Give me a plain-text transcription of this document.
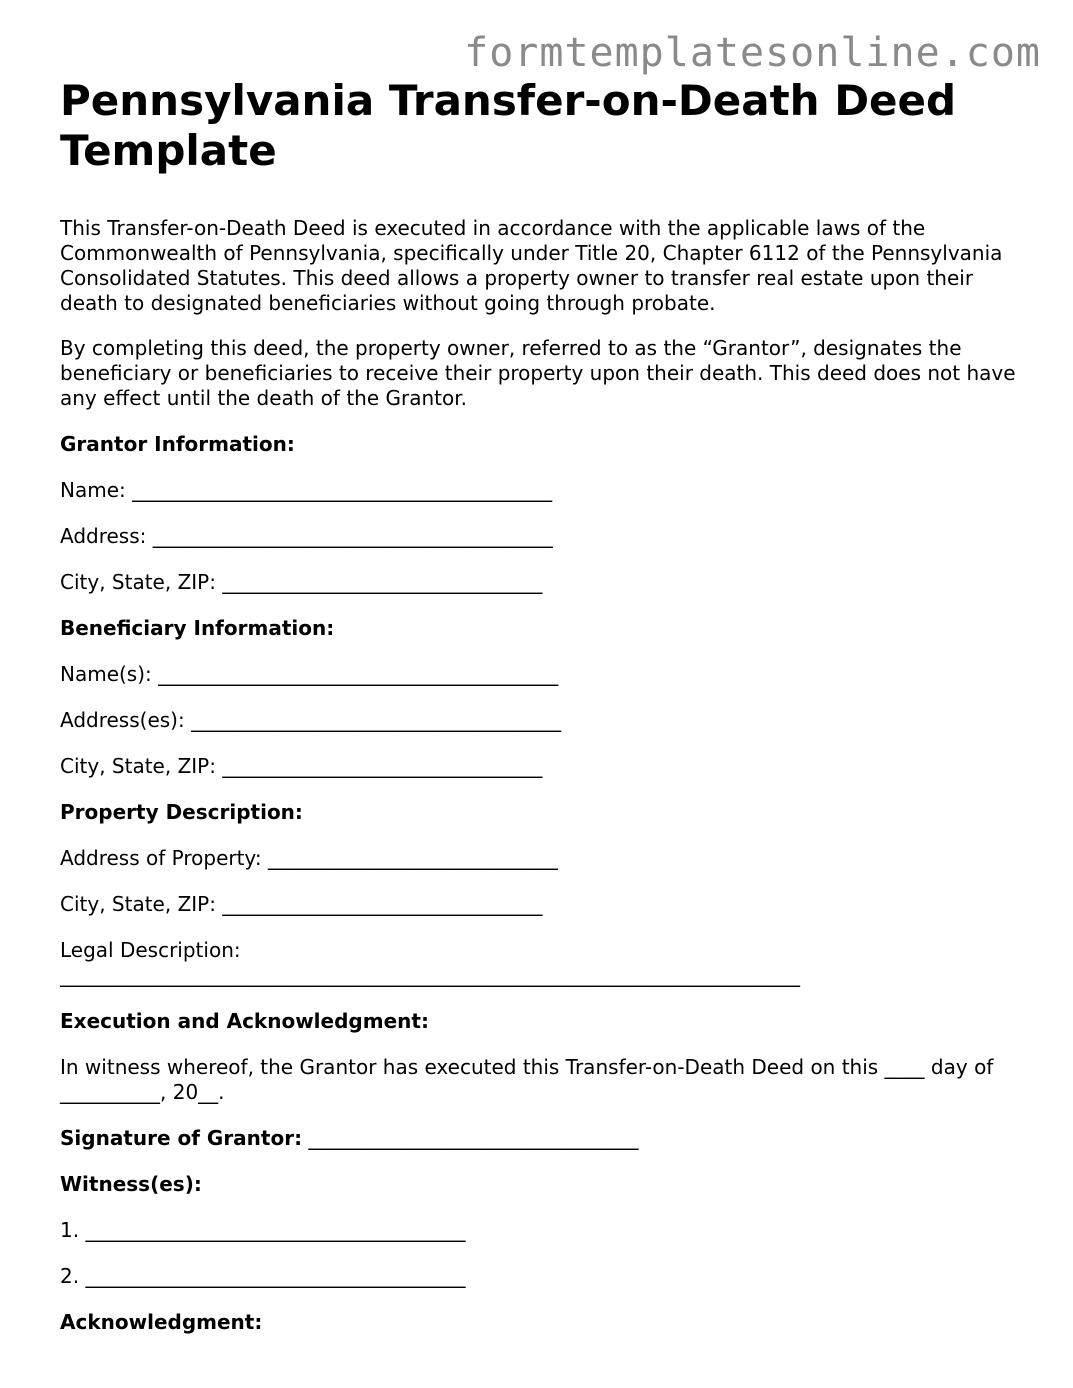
formtemplatesonline.com
Pennsylvania Transfer-on-Death Deed Template

This Transfer-on-Death Deed is executed in accordance with the applicable laws of the Commonwealth of Pennsylvania, specifically under Title 20, Chapter 6112 of the Pennsylvania Consolidated Statutes. This deed allows a property owner to transfer real estate upon their death to designated beneficiaries without going through probate.

By completing this deed, the property owner, referred to as the “Grantor”, designates the beneficiary or beneficiaries to receive their property upon their death. This deed does not have any effect until the death of the Grantor.

Grantor Information:

Name: __________________________________________

Address: ________________________________________

City, State, ZIP: ________________________________

Beneficiary Information:

Name(s): ________________________________________

Address(es): _____________________________________

City, State, ZIP: ________________________________

Property Description:

Address of Property: _____________________________

City, State, ZIP: ________________________________

Legal Description:

__________________________________________________________________________

Execution and Acknowledgment:

In witness whereof, the Grantor has executed this Transfer-on-Death Deed on this ____ day of __________, 20__.

Signature of Grantor: _________________________________

Witness(es):

1. ______________________________________

2. ______________________________________

Acknowledgment:
